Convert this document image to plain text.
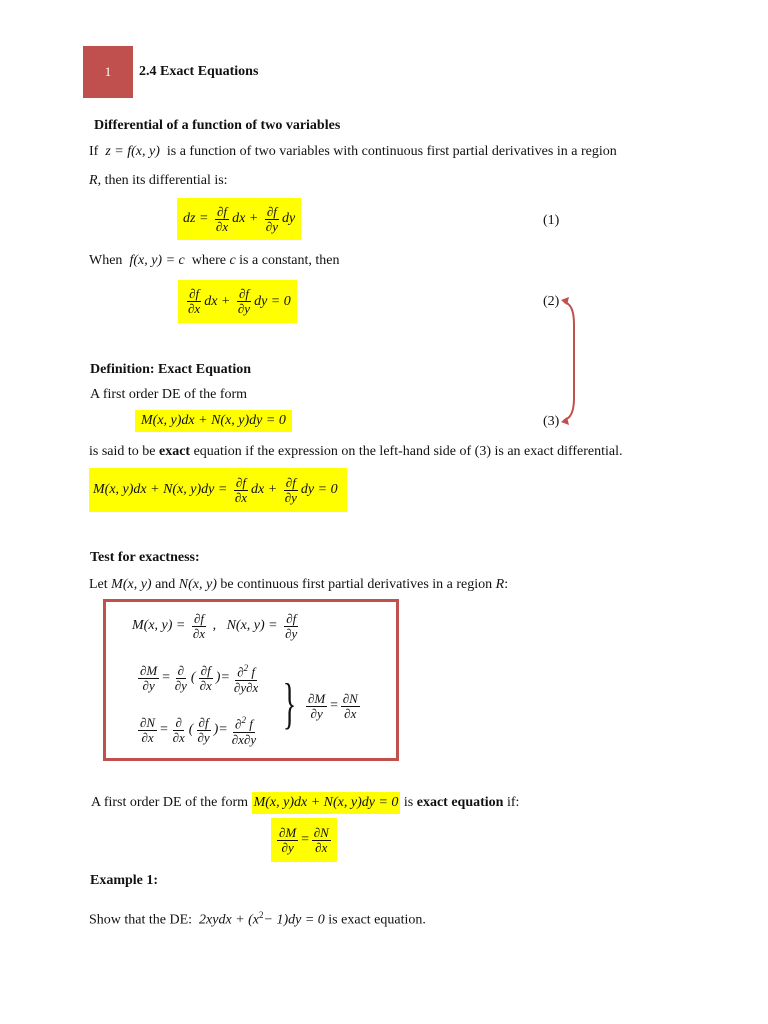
1 2.4 Exact Equations
Differential of a function of two variables
If z = f(x, y) is a function of two variables with continuous first partial derivatives in a region
R, then its differential is:
dz = $\frac{\partial f}{\partial x}$ dx + $\frac{\partial f}{\partial y}$ dy	(1)
When f(x, y) = c where c is a constant, then
$\frac{\partial f}{\partial x}$ dx + $\frac{\partial f}{\partial y}$ dy = 0	(2)
Definition: Exact Equation
A first order DE of the form
M(x, y)dx + N(x, y)dy = 0	(3)
is said to be exact equation if the expression on the left-hand side of (3) is an exact differential.
M(x, y)dx + N(x, y)dy =
$\frac{\partial f}{\partial x}$ dx + $\frac{\partial f}{\partial y}$ dy = 0
Test for exactness:
Let M(x, y) and N(x, y) be continuous first partial derivatives in a region R:
M(x, y) =
$\frac{\partial f}{\partial x}$ , N(x, y) =
$\frac{\partial f}{\partial y}$
$\frac{\partial M}{\partial y} = \frac{\partial}{\partial y}$ ( $\frac{\partial f}{\partial x}$ )= $\frac{\partial^2 f}{\partial y\partial x}$
$\frac{\partial N}{\partial x} = \frac{\partial}{\partial x}$ ( $\frac{\partial f}{\partial y}$ )= $\frac{\partial^2 f}{\partial x\partial y}$ } $\frac{\partial M}{\partial y} = \frac{\partial N}{\partial x}$
A first order DE of the form
M(x, y)dx + N(x, y)dy = 0
is
exact equation
if:
$\frac{\partial M}{\partial y} = \frac{\partial N}{\partial x}$
Example 1:
Show that the DE: 2xydx + $(x^2- 1)dy = 0$ is exact equation.
